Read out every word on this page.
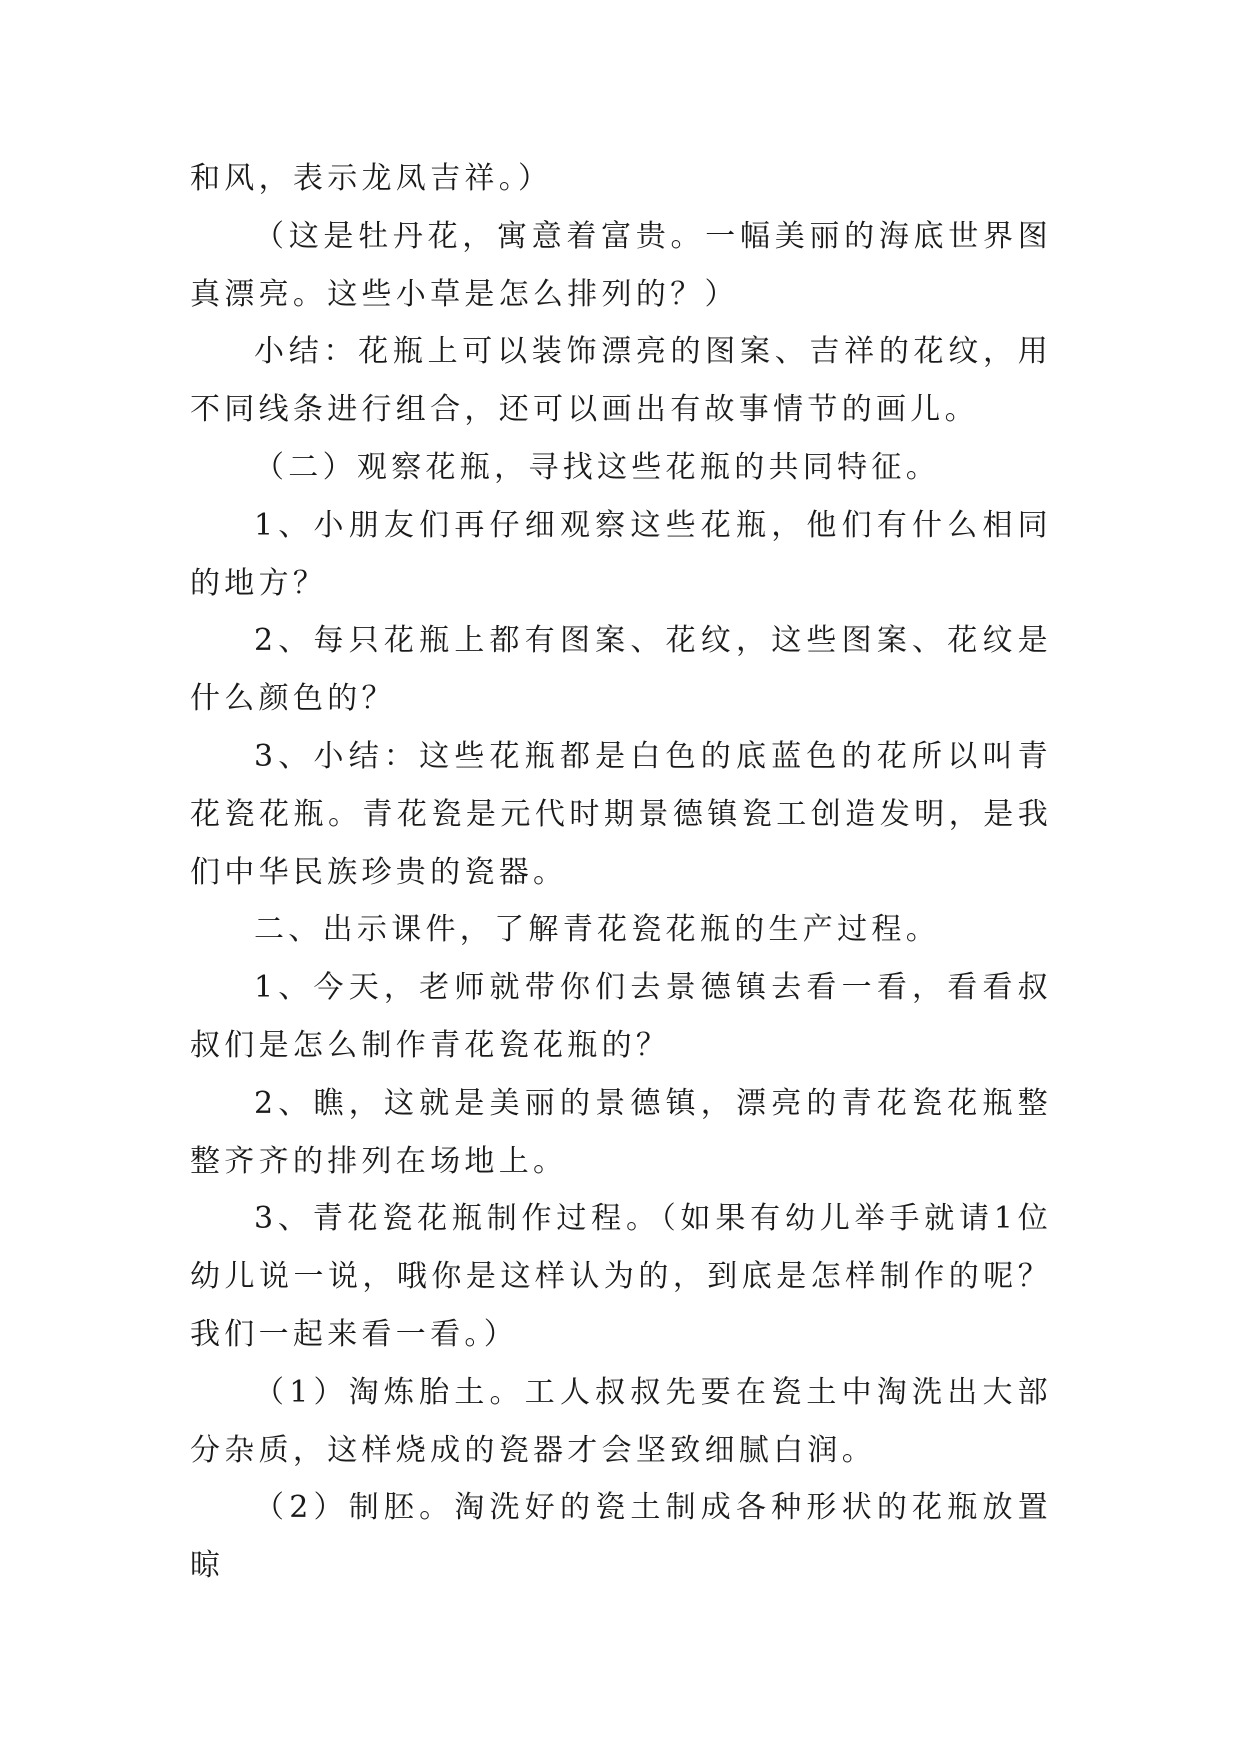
和风，表示龙凤吉祥。）

（这是牡丹花，寓意着富贵。一幅美丽的海底世界图真漂亮。这些小草是怎么排列的？）

小结：花瓶上可以装饰漂亮的图案、吉祥的花纹，用不同线条进行组合，还可以画出有故事情节的画儿。

（二）观察花瓶，寻找这些花瓶的共同特征。

1、小朋友们再仔细观察这些花瓶，他们有什么相同的地方？

2、每只花瓶上都有图案、花纹，这些图案、花纹是什么颜色的？

3、小结：这些花瓶都是白色的底蓝色的花所以叫青花瓷花瓶。青花瓷是元代时期景德镇瓷工创造发明，是我们中华民族珍贵的瓷器。

二、出示课件，了解青花瓷花瓶的生产过程。

1、今天，老师就带你们去景德镇去看一看，看看叔叔们是怎么制作青花瓷花瓶的？

2、瞧，这就是美丽的景德镇，漂亮的青花瓷花瓶整整齐齐的排列在场地上。

3、青花瓷花瓶制作过程。（如果有幼儿举手就请1位幼儿说一说，哦你是这样认为的，到底是怎样制作的呢？我们一起来看一看。）

（1）淘炼胎土。工人叔叔先要在瓷土中淘洗出大部分杂质，这样烧成的瓷器才会坚致细腻白润。

（2）制胚。淘洗好的瓷土制成各种形状的花瓶放置晾
